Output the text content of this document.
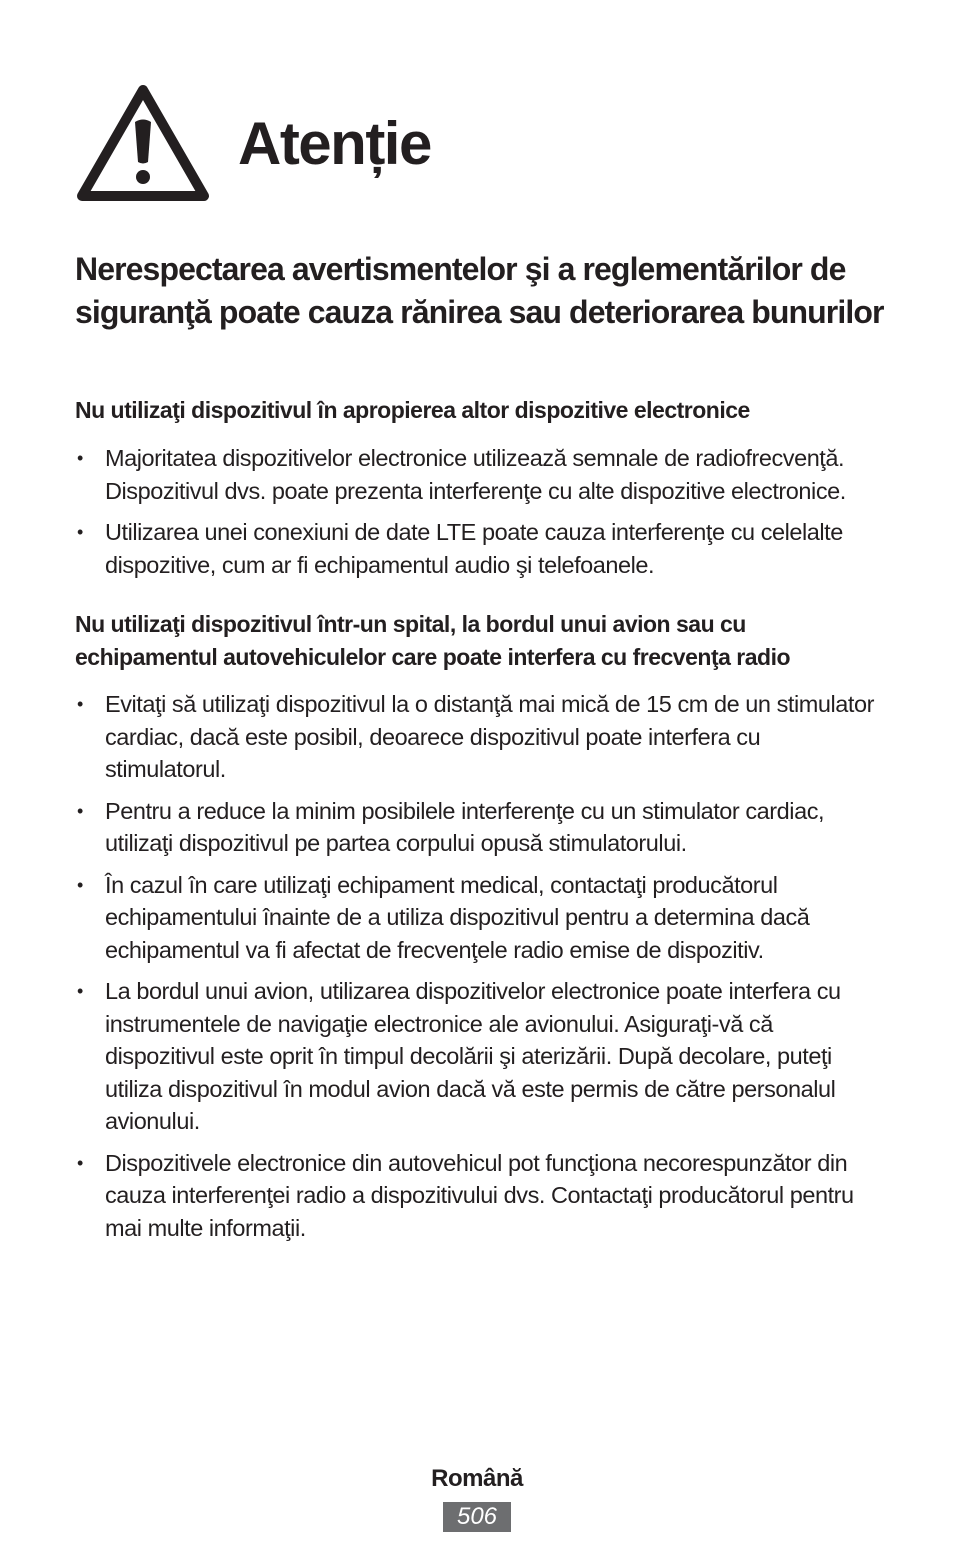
Atenție
Nerespectarea avertismentelor şi a reglementărilor de siguranţă poate cauza rănirea sau deteriorarea bunurilor
Nu utilizaţi dispozitivul în apropierea altor dispozitive electronice
• Majoritatea dispozitivelor electronice utilizează semnale de radiofrecvenţă. Dispozitivul dvs. poate prezenta interferenţe cu alte dispozitive electronice.
• Utilizarea unei conexiuni de date LTE poate cauza interferenţe cu celelalte dispozitive, cum ar fi echipamentul audio şi telefoanele.
Nu utilizaţi dispozitivul într-un spital, la bordul unui avion sau cu echipamentul autovehiculelor care poate interfera cu frecvenţa radio
• Evitaţi să utilizaţi dispozitivul la o distanţă mai mică de 15 cm de un stimulator cardiac, dacă este posibil, deoarece dispozitivul poate interfera cu stimulatorul.
• Pentru a reduce la minim posibilele interferenţe cu un stimulator cardiac, utilizaţi dispozitivul pe partea corpului opusă stimulatorului.
• În cazul în care utilizaţi echipament medical, contactaţi producătorul echipamentului înainte de a utiliza dispozitivul pentru a determina dacă echipamentul va fi afectat de frecvenţele radio emise de dispozitiv.
• La bordul unui avion, utilizarea dispozitivelor electronice poate interfera cu instrumentele de navigaţie electronice ale avionului. Asiguraţi-vă că dispozitivul este oprit în timpul decolării şi aterizării. După decolare, puteţi utiliza dispozitivul în modul avion dacă vă este permis de către personalul avionului.
• Dispozitivele electronice din autovehicul pot funcţiona necorespunzător din cauza interferenţei radio a dispozitivului dvs. Contactaţi producătorul pentru mai multe informaţii.
Română
506
